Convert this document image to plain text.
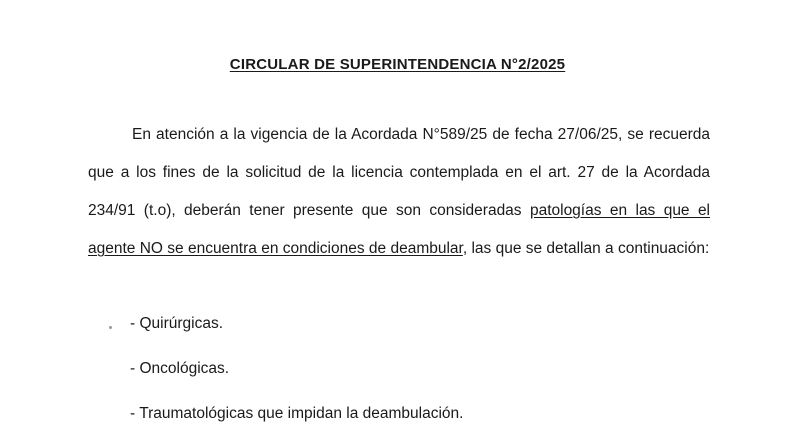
CIRCULAR DE SUPERINTENDENCIA N°2/2025

En atención a la vigencia de la Acordada N°589/25 de fecha 27/06/25, se recuerda que a los fines de la solicitud de la licencia contemplada en el art. 27 de la Acordada 234/91 (t.o), deberán tener presente que son consideradas patologías en las que el agente NO se encuentra en condiciones de deambular, las que se detallan a continuación:

- Quirúrgicas.
- Oncológicas.
- Traumatológicas que impidan la deambulación.
